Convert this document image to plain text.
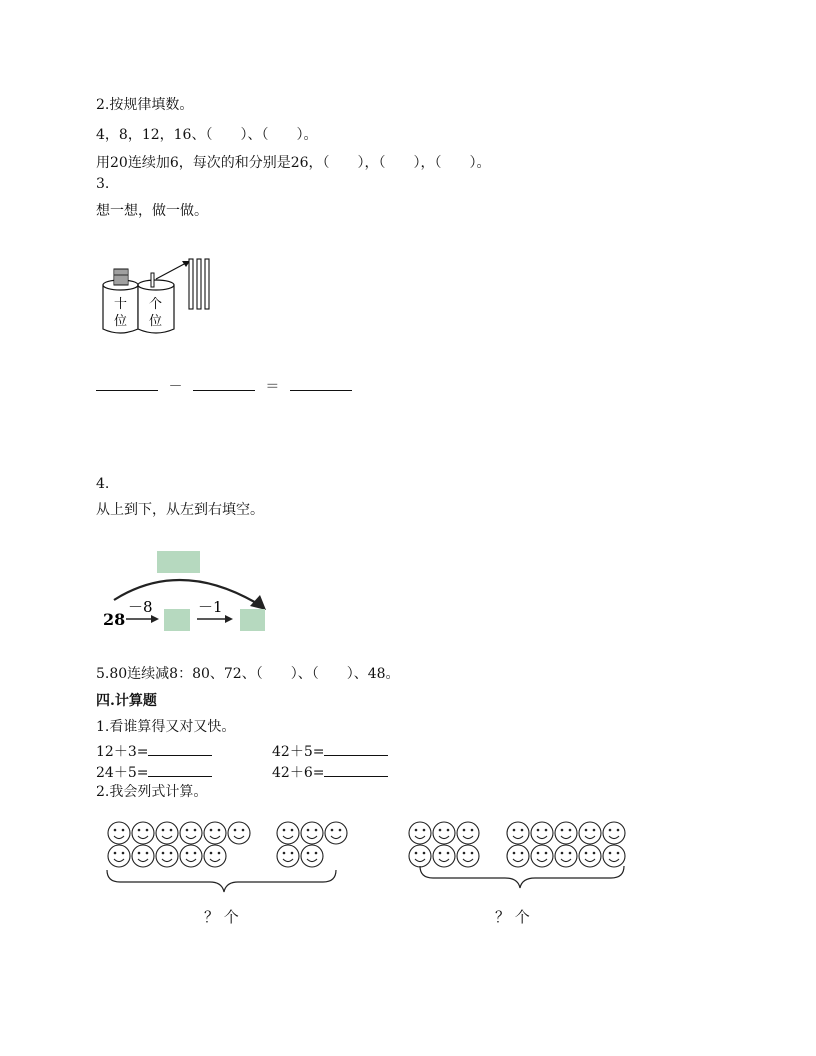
2.按规律填数。
4，8，12，16、（　　）、（　　）。
用20连续加6，每次的和分别是26，（　　），（　　），（　　）。
3.
想一想，做一做。
十
位
个
位
－	＝
4.
从上到下，从左到右填空。
28
－8	－1
5.80连续减8：80、72、（　　）、（　　）、48。
四.计算题
1.看谁算得又对又快。
12＋3=	42＋5=
24＋5=	42＋6=
2.我会列式计算。
？ 个	？ 个
